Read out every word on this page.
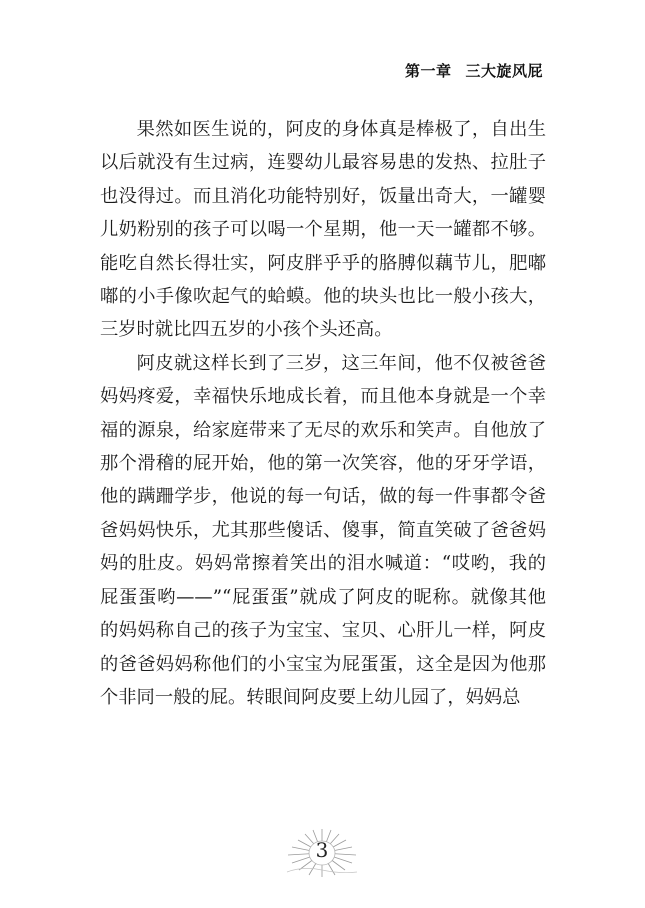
第一章 三大旋风屁

果然如医生说的，阿皮的身体真是棒极了，自出生以后就没有生过病，连婴幼儿最容易患的发热、拉肚子也没得过。而且消化功能特别好，饭量出奇大，一罐婴儿奶粉别的孩子可以喝一个星期，他一天一罐都不够。能吃自然长得壮实，阿皮胖乎乎的胳膊似藕节儿，肥嘟嘟的小手像吹起气的蛤蟆。他的块头也比一般小孩大，三岁时就比四五岁的小孩个头还高。

阿皮就这样长到了三岁，这三年间，他不仅被爸爸妈妈疼爱，幸福快乐地成长着，而且他本身就是一个幸福的源泉，给家庭带来了无尽的欢乐和笑声。自他放了那个滑稽的屁开始，他的第一次笑容，他的牙牙学语，他的蹒跚学步，他说的每一句话，做的每一件事都令爸爸妈妈快乐，尤其那些傻话、傻事，简直笑破了爸爸妈妈的肚皮。妈妈常擦着笑出的泪水喊道：“哎哟，我的屁蛋蛋哟——”“屁蛋蛋”就成了阿皮的昵称。就像其他的妈妈称自己的孩子为宝宝、宝贝、心肝儿一样，阿皮的爸爸妈妈称他们的小宝宝为屁蛋蛋，这全是因为他那个非同一般的屁。转眼间阿皮要上幼儿园了，妈妈总

3
